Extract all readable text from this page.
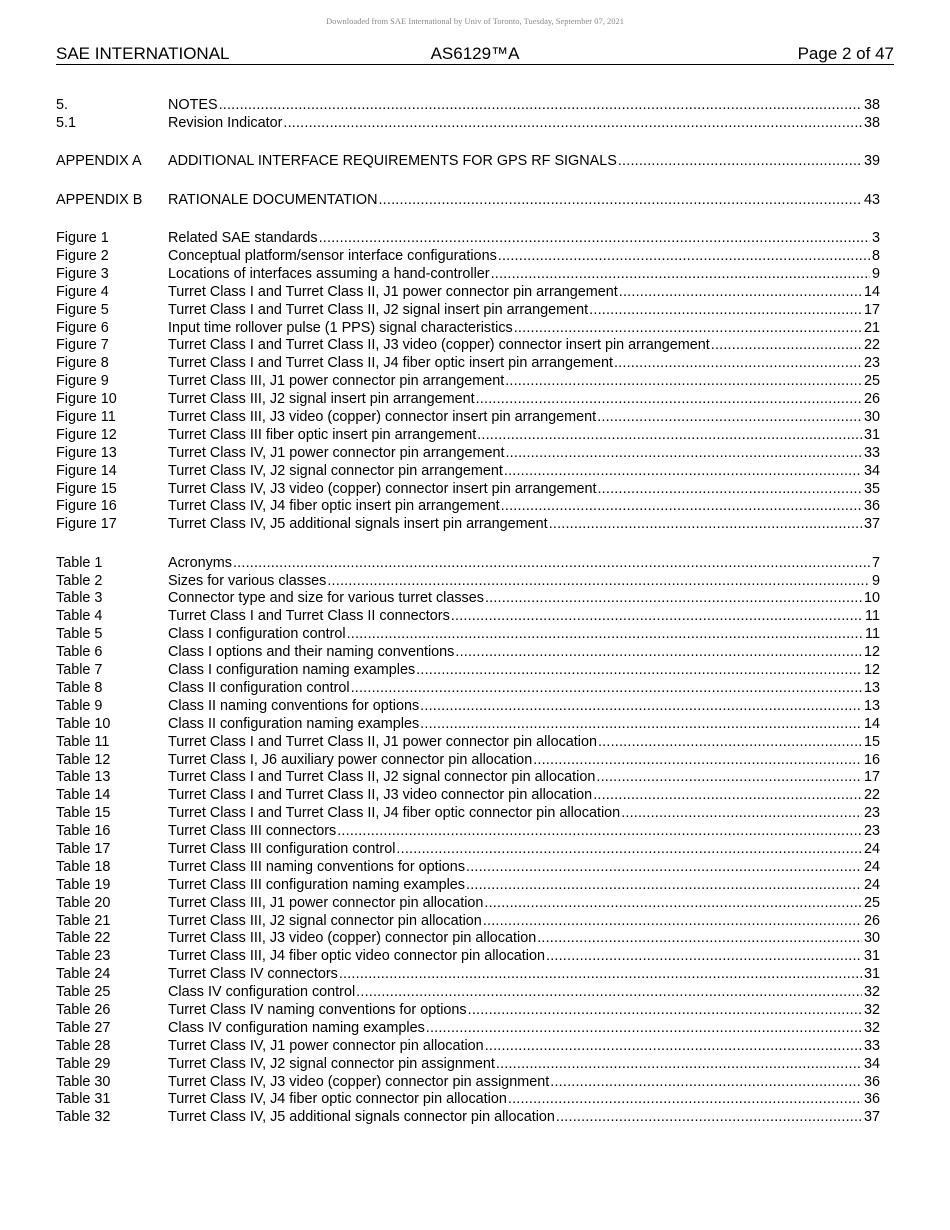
Downloaded from SAE International by Univ of Toronto, Tuesday, September 07, 2021
SAE INTERNATIONAL	AS6129™A	Page 2 of 47
5.	NOTES .....	38
5.1	Revision Indicator .....	38
APPENDIX A ADDITIONAL INTERFACE REQUIREMENTS FOR GPS RF SIGNALS .....	39
APPENDIX B RATIONALE DOCUMENTATION .....	43
Figure 1	Related SAE standards .....	3
Figure 2	Conceptual platform/sensor interface configurations .....	8
Figure 3	Locations of interfaces assuming a hand-controller .....	9
Figure 4	Turret Class I and Turret Class II, J1 power connector pin arrangement .....	14
Figure 5	Turret Class I and Turret Class II, J2 signal insert pin arrangement .....	17
Figure 6	Input time rollover pulse (1 PPS) signal characteristics .....	21
Figure 7	Turret Class I and Turret Class II, J3 video (copper) connector insert pin arrangement .....	22
Figure 8	Turret Class I and Turret Class II, J4 fiber optic insert pin arrangement .....	23
Figure 9	Turret Class III, J1 power connector pin arrangement .....	25
Figure 10	Turret Class III, J2 signal insert pin arrangement .....	26
Figure 11	Turret Class III, J3 video (copper) connector insert pin arrangement .....	30
Figure 12	Turret Class III fiber optic insert pin arrangement .....	31
Figure 13	Turret Class IV, J1 power connector pin arrangement .....	33
Figure 14	Turret Class IV, J2 signal connector pin arrangement .....	34
Figure 15	Turret Class IV, J3 video (copper) connector insert pin arrangement .....	35
Figure 16	Turret Class IV, J4 fiber optic insert pin arrangement .....	36
Figure 17	Turret Class IV, J5 additional signals insert pin arrangement .....	37
Table 1	Acronyms .....	7
Table 2	Sizes for various classes .....	9
Table 3	Connector type and size for various turret classes .....	10
Table 4	Turret Class I and Turret Class II connectors .....	11
Table 5	Class I configuration control .....	11
Table 6	Class I options and their naming conventions .....	12
Table 7	Class I configuration naming examples .....	12
Table 8	Class II configuration control .....	13
Table 9	Class II naming conventions for options .....	13
Table 10	Class II configuration naming examples .....	14
Table 11	Turret Class I and Turret Class II, J1 power connector pin allocation .....	15
Table 12	Turret Class I, J6 auxiliary power connector pin allocation .....	16
Table 13	Turret Class I and Turret Class II, J2 signal connector pin allocation .....	17
Table 14	Turret Class I and Turret Class II, J3 video connector pin allocation .....	22
Table 15	Turret Class I and Turret Class II, J4 fiber optic connector pin allocation .....	23
Table 16	Turret Class III connectors .....	23
Table 17	Turret Class III configuration control .....	24
Table 18	Turret Class III naming conventions for options .....	24
Table 19	Turret Class III configuration naming examples .....	24
Table 20	Turret Class III, J1 power connector pin allocation .....	25
Table 21	Turret Class III, J2 signal connector pin allocation .....	26
Table 22	Turret Class III, J3 video (copper) connector pin allocation .....	30
Table 23	Turret Class III, J4 fiber optic video connector pin allocation .....	31
Table 24	Turret Class IV connectors .....	31
Table 25	Class IV configuration control .....	32
Table 26	Turret Class IV naming conventions for options .....	32
Table 27	Class IV configuration naming examples .....	32
Table 28	Turret Class IV, J1 power connector pin allocation .....	33
Table 29	Turret Class IV, J2 signal connector pin assignment .....	34
Table 30	Turret Class IV, J3 video (copper) connector pin assignment .....	36
Table 31	Turret Class IV, J4 fiber optic connector pin allocation .....	36
Table 32	Turret Class IV, J5 additional signals connector pin allocation .....	37
